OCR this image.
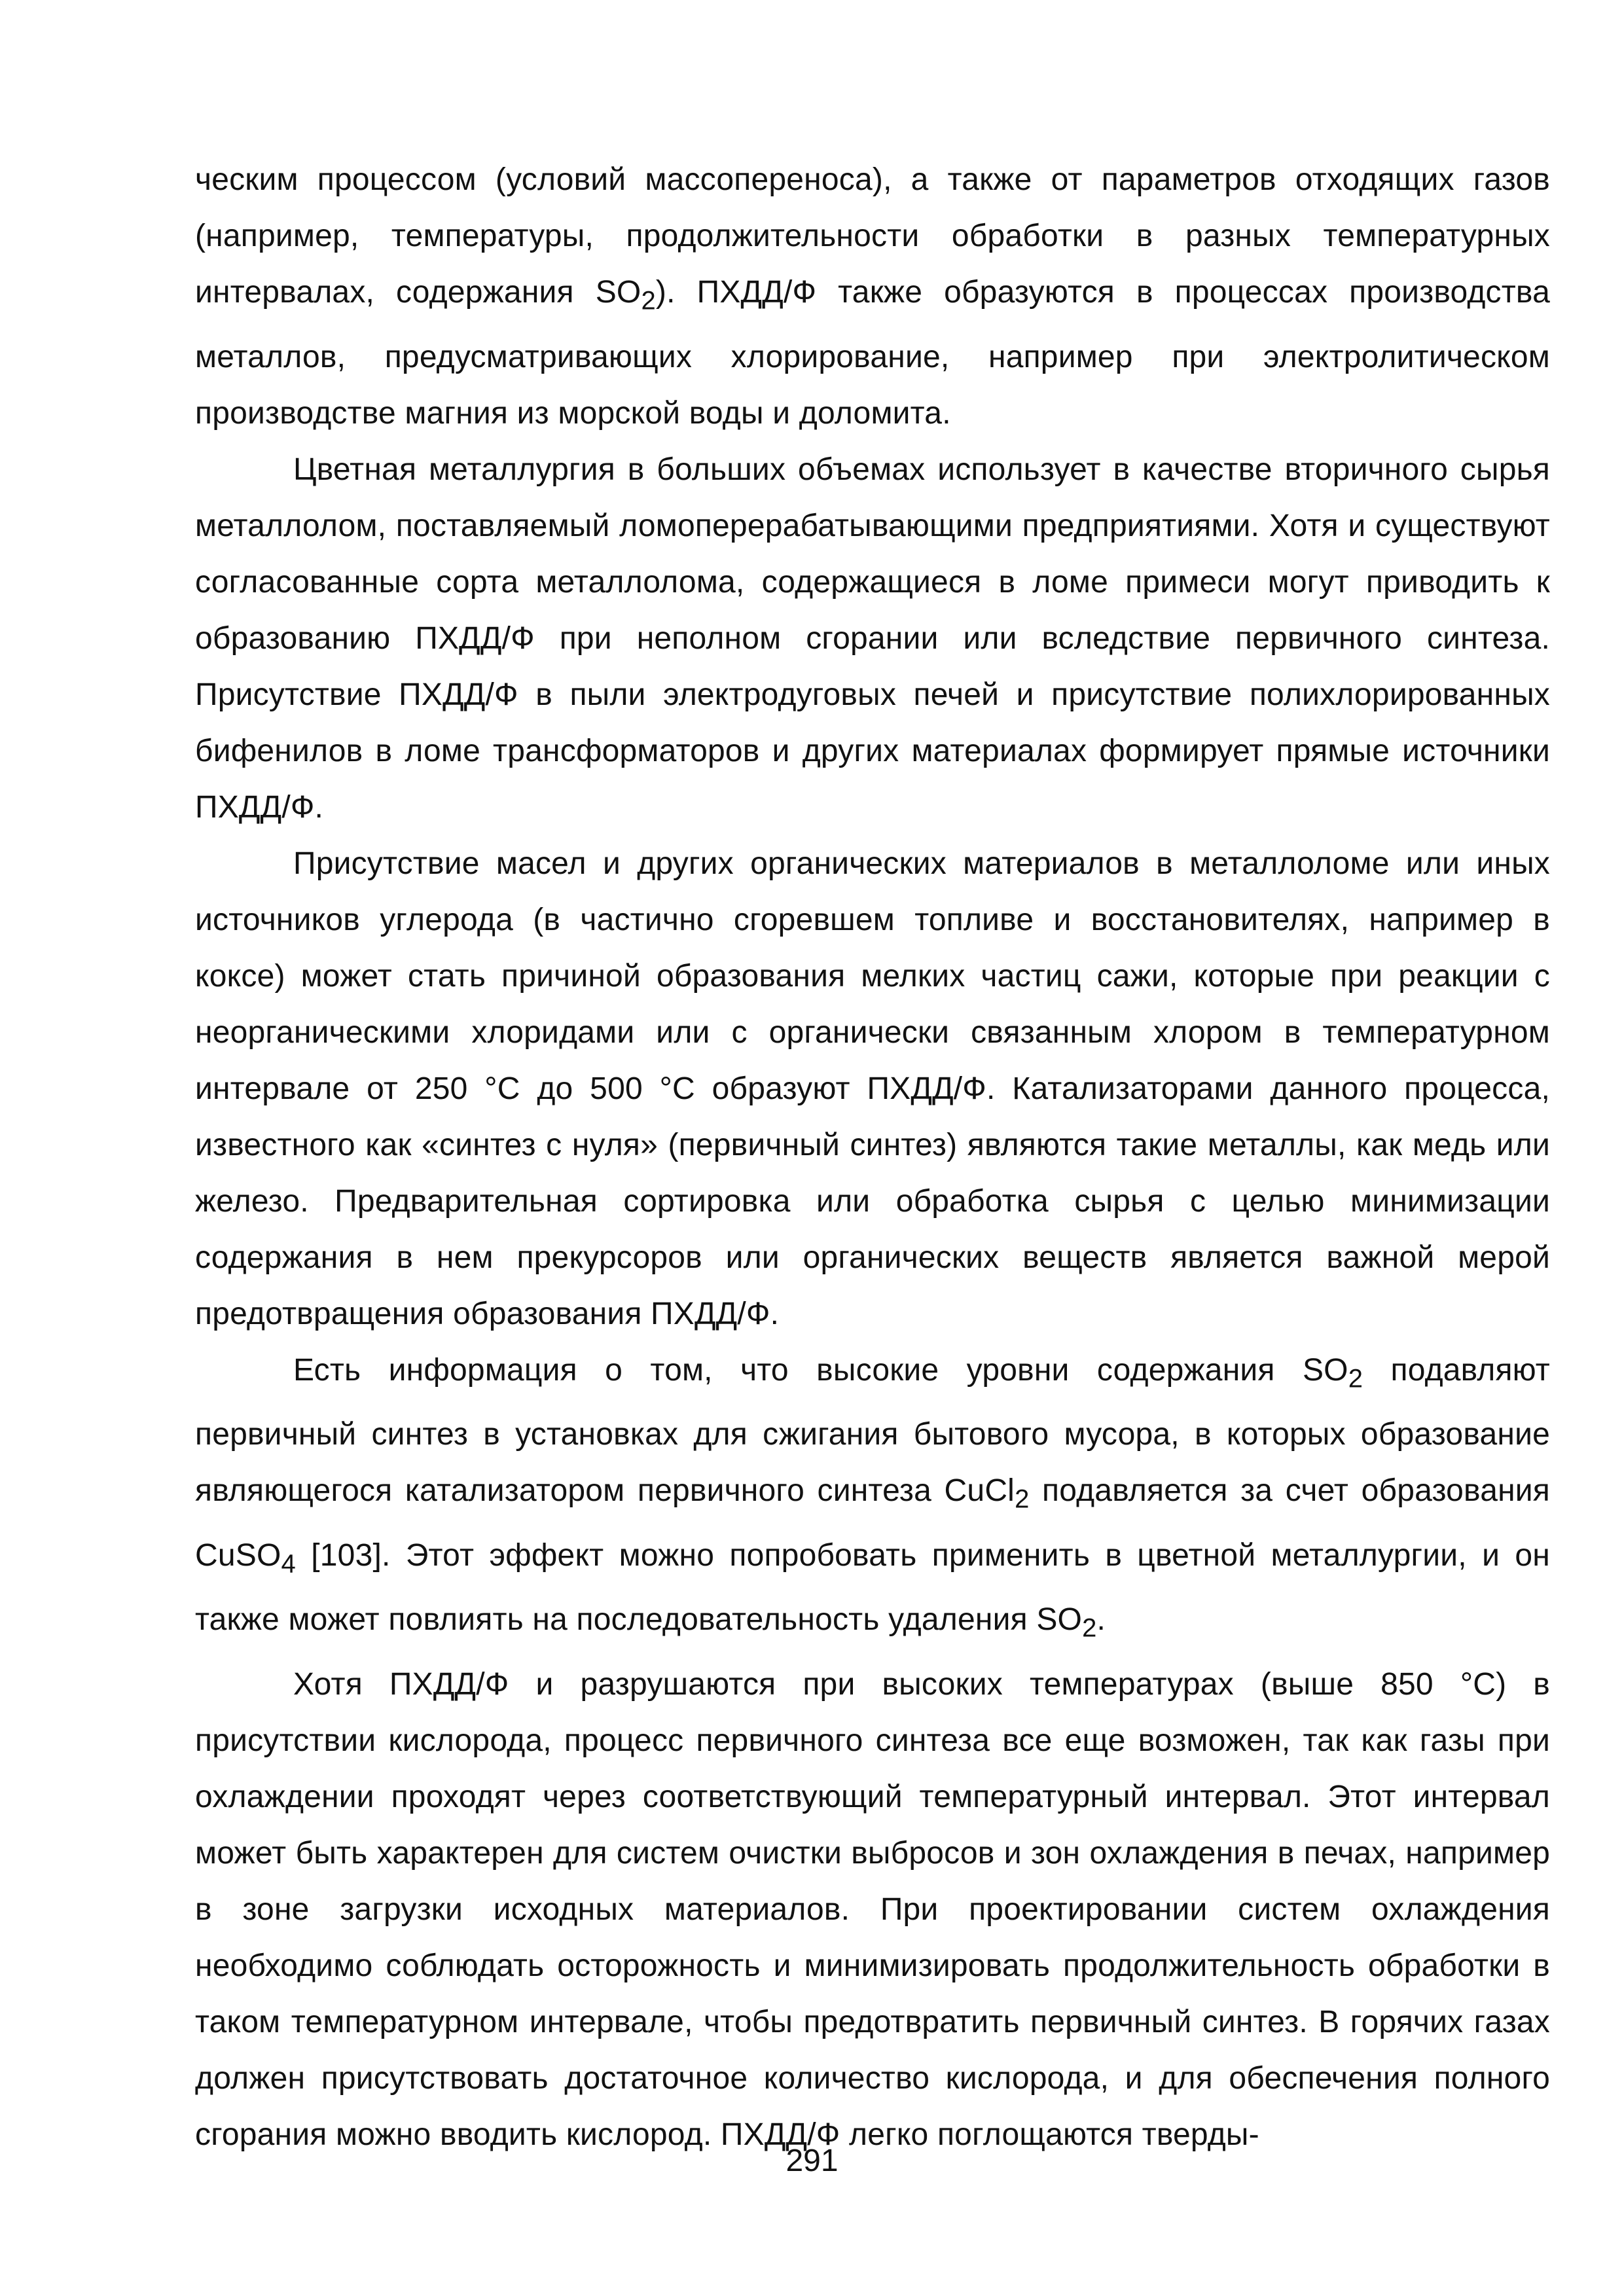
ческим процессом (условий массопереноса), а также от параметров отходящих газов (например, температуры, продолжительности обработки в разных температурных интервалах, содержания $SO_2$). ПХДД/Ф также образуются в процессах производства металлов, предусматривающих хлорирование, например при электролитическом производстве магния из морской воды и доломита.

Цветная металлургия в больших объемах использует в качестве вторичного сырья металлолом, поставляемый ломоперерабатывающими предприятиями. Хотя и существуют согласованные сорта металлолома, содержащиеся в ломе примеси могут приводить к образованию ПХДД/Ф при неполном сгорании или вследствие первичного синтеза. Присутствие ПХДД/Ф в пыли электродуговых печей и присутствие полихлорированных бифенилов в ломе трансформаторов и других материалах формирует прямые источники ПХДД/Ф.

Присутствие масел и других органических материалов в металлоломе или иных источников углерода (в частично сгоревшем топливе и восстановителях, например в коксе) может стать причиной образования мелких частиц сажи, которые при реакции с неорганическими хлоридами или с органически связанным хлором в температурном интервале от 250 °С до 500 °С образуют ПХДД/Ф. Катализаторами данного процесса, известного как «синтез с нуля» (первичный синтез) являются такие металлы, как медь или железо. Предварительная сортировка или обработка сырья с целью минимизации содержания в нем прекурсоров или органических веществ является важной мерой предотвращения образования ПХДД/Ф.

Есть информация о том, что высокие уровни содержания $SO_2$ подавляют первичный синтез в установках для сжигания бытового мусора, в которых образование являющегося катализатором первичного синтеза CuCl$_2$ подавляется за счет образования CuSO$_4$ [103]. Этот эффект можно попробовать применить в цветной металлургии, и он также может повлиять на последовательность удаления $SO_2$.

Хотя ПХДД/Ф и разрушаются при высоких температурах (выше 850 °С) в присутствии кислорода, процесс первичного синтеза все еще возможен, так как газы при охлаждении проходят через соответствующий температурный интервал. Этот интервал может быть характерен для систем очистки выбросов и зон охлаждения в печах, например в зоне загрузки исходных материалов. При проектировании систем охлаждения необходимо соблюдать осторожность и минимизировать продолжительность обработки в таком температурном интервале, чтобы предотвратить первичный синтез. В горячих газах должен присутствовать достаточное количество кислорода, и для обеспечения полного сгорания можно вводить кислород. ПХДД/Ф легко поглощаются тверды-

291
